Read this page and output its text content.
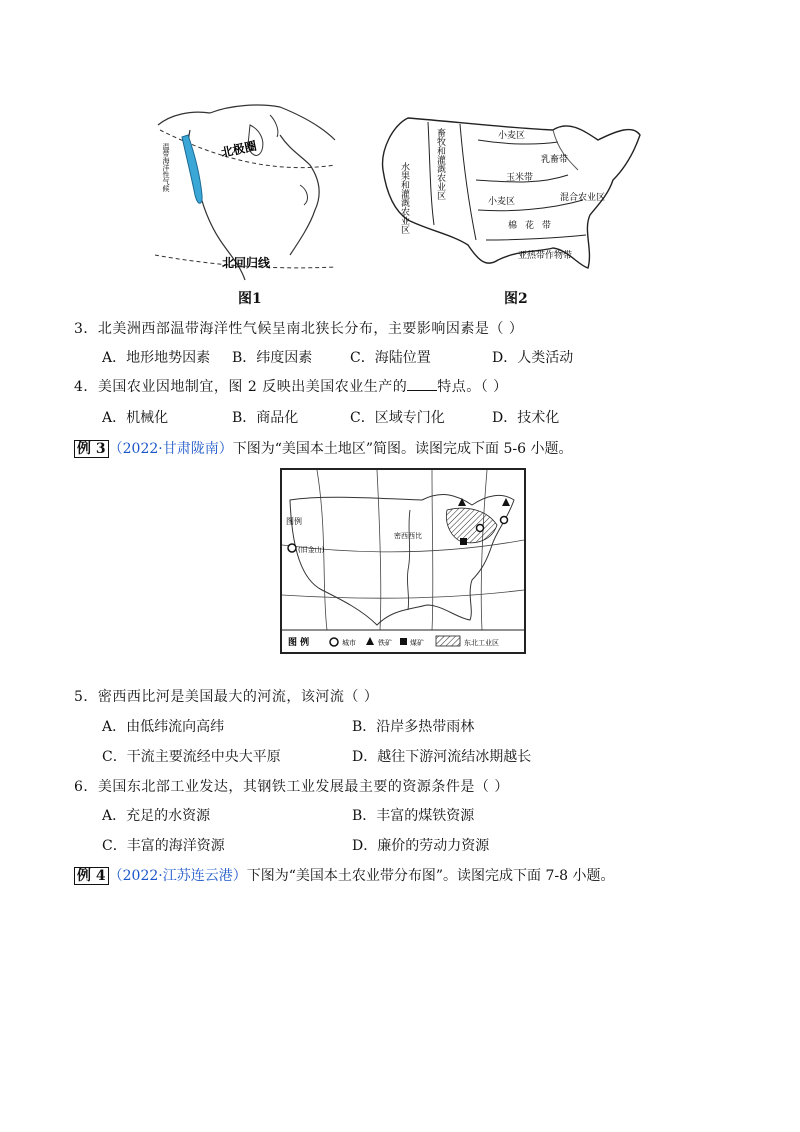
北极圈
北回归线
温带海洋性气候
图1
畜牧和灌溉农业区
水果和灌溉农业区
小麦区
乳畜带
玉米带
小麦区	混合农业区
棉花带
亚热带作物带
图2
3．北美洲西部温带海洋性气候呈南北狭长分布，主要影响因素是（ ）
A．地形地势因素 B．纬度因素	C．海陆位置	D．人类活动
4．美国农业因地制宜，图 2 反映出美国农业生产的 特点。（ ）
A．机械化	B．商品化	C．区域专门化	D．技术化
例 3 （2022·甘肃陇南）下图为“美国本土地区”简图。读图完成下面 5-6 小题。
图例
(旧金山)
密西西比
图 例	城市	铁矿	煤矿	东北工业区
5．密西西比河是美国最大的河流，该河流（ ）
A．由低纬流向高纬	B．沿岸多热带雨林
C．干流主要流经中央大平原	D．越往下游河流结冰期越长
6．美国东北部工业发达，其钢铁工业发展最主要的资源条件是（ ）
A．充足的水资源	B．丰富的煤铁资源
C．丰富的海洋资源	D．廉价的劳动力资源
例 4 （2022·江苏连云港）下图为“美国本土农业带分布图”。读图完成下面 7-8 小题。
